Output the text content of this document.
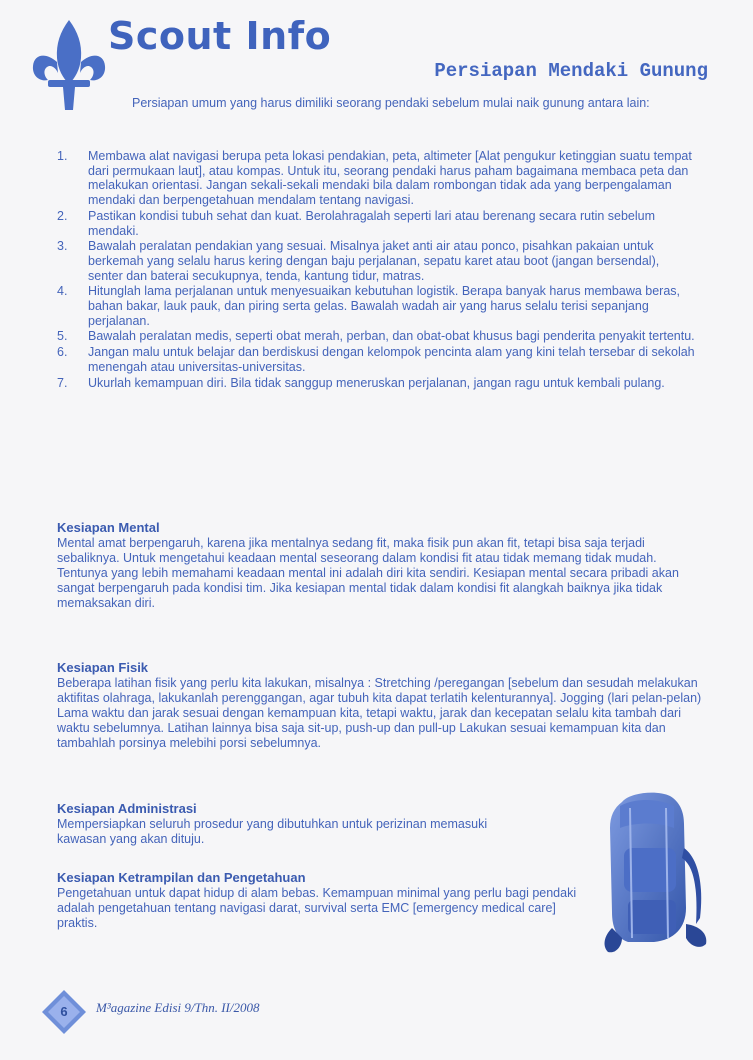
Scout Info
Persiapan Mendaki Gunung
Persiapan umum yang harus dimiliki seorang pendaki sebelum mulai naik gunung antara lain:
1. Membawa alat navigasi berupa peta lokasi pendakian, peta, altimeter [Alat pengukur ketinggian suatu tempat dari permukaan laut], atau kompas. Untuk itu, seorang pendaki harus paham bagaimana membaca peta dan melakukan orientasi. Jangan sekali-sekali mendaki bila dalam rombongan tidak ada yang berpengalaman mendaki dan berpengetahuan mendalam tentang navigasi.
2. Pastikan kondisi tubuh sehat dan kuat. Berolahragalah seperti lari atau berenang secara rutin sebelum mendaki.
3. Bawalah peralatan pendakian yang sesuai. Misalnya jaket anti air atau ponco, pisahkan pakaian untuk berkemah yang selalu harus kering dengan baju perjalanan, sepatu karet atau boot (jangan bersendal), senter dan baterai secukupnya, tenda, kantung tidur, matras.
4. Hitunglah lama perjalanan untuk menyesuaikan kebutuhan logistik. Berapa banyak harus membawa beras, bahan bakar, lauk pauk, dan piring serta gelas. Bawalah wadah air yang harus selalu terisi sepanjang perjalanan.
5. Bawalah peralatan medis, seperti obat merah, perban, dan obat-obat khusus bagi penderita penyakit tertentu.
6. Jangan malu untuk belajar dan berdiskusi dengan kelompok pencinta alam yang kini telah tersebar di sekolah menengah atau universitas-universitas.
7. Ukurlah kemampuan diri. Bila tidak sanggup meneruskan perjalanan, jangan ragu untuk kembali pulang.
Kesiapan Mental

Mental amat berpengaruh, karena jika mentalnya sedang fit, maka fisik pun akan fit, tetapi bisa saja terjadi sebaliknya. Untuk mengetahui keadaan mental seseorang dalam kondisi fit atau tidak memang tidak mudah. Tentunya yang lebih memahami keadaan mental ini adalah diri kita sendiri. Kesiapan mental secara pribadi akan sangat berpengaruh pada kondisi tim. Jika kesiapan mental tidak dalam kondisi fit alangkah baiknya jika tidak memaksakan diri.

Kesiapan Fisik

Beberapa latihan fisik yang perlu kita lakukan, misalnya : Stretching /peregangan [sebelum dan sesudah melakukan aktifitas olahraga, lakukanlah perenggangan, agar tubuh kita dapat terlatih kelenturannya]. Jogging (lari pelan-pelan) Lama waktu dan jarak sesuai dengan kemampuan kita, tetapi waktu, jarak dan kecepatan selalu kita tambah dari waktu sebelumnya. Latihan lainnya bisa saja sit-up, push-up dan pull-up Lakukan sesuai kemampuan kita dan tambahlah porsinya melebihi porsi sebelumnya.

Kesiapan Administrasi

Mempersiapkan seluruh prosedur yang dibutuhkan untuk perizinan memasuki kawasan yang akan dituju.

Kesiapan Ketrampilan dan Pengetahuan

Pengetahuan untuk dapat hidup di alam bebas. Kemampuan minimal yang perlu bagi pendaki adalah pengetahuan tentang navigasi darat, survival serta EMC [emergency medical care] praktis.

6	M³agazine Edisi 9/Thn. II/2008
